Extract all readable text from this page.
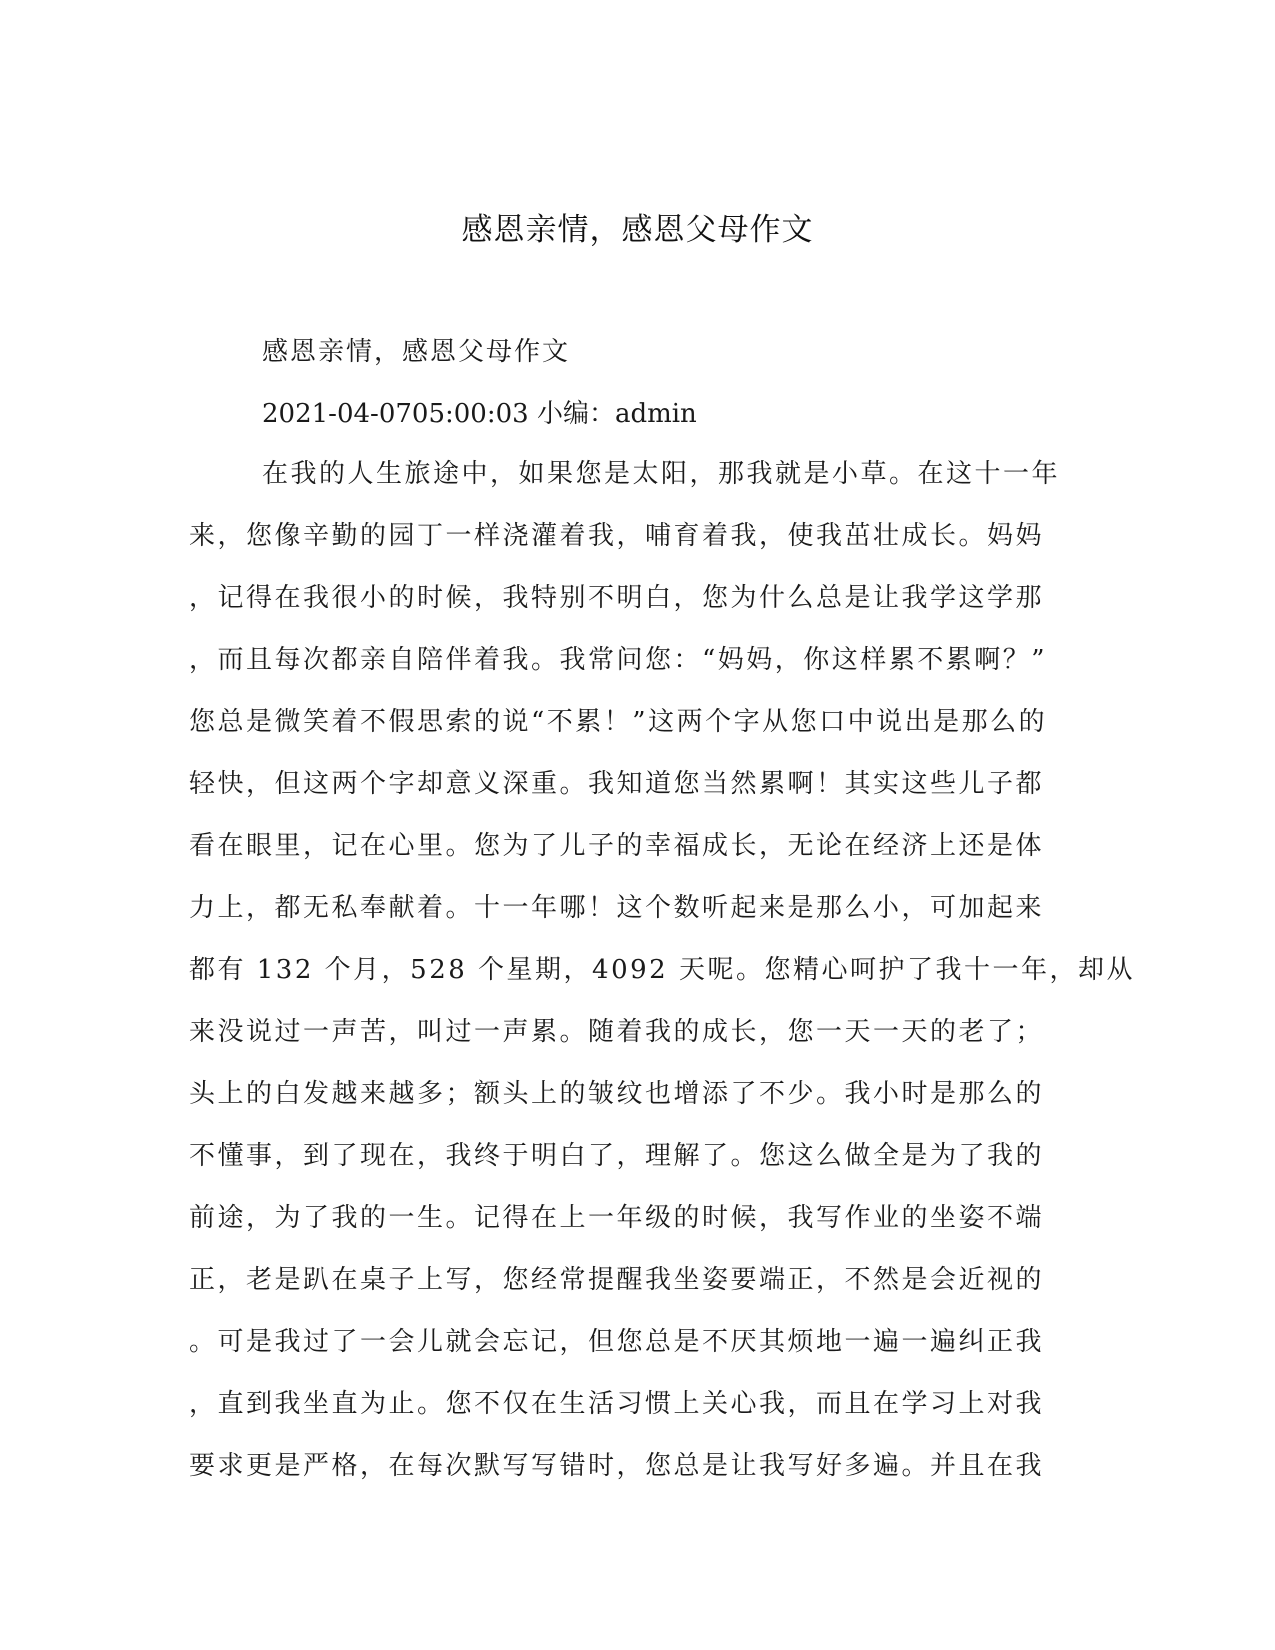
感恩亲情，感恩父母作文
感恩亲情，感恩父母作文
2021-04-0705:00:03 小编：admin
在我的人生旅途中，如果您是太阳，那我就是小草。在这十一年
来，您像辛勤的园丁一样浇灌着我，哺育着我，使我茁壮成长。妈妈
，记得在我很小的时候，我特别不明白，您为什么总是让我学这学那
，而且每次都亲自陪伴着我。我常问您：“妈妈，你这样累不累啊？”
您总是微笑着不假思索的说“不累！”这两个字从您口中说出是那么的
轻快，但这两个字却意义深重。我知道您当然累啊！其实这些儿子都
看在眼里，记在心里。您为了儿子的幸福成长，无论在经济上还是体
力上，都无私奉献着。十一年哪！这个数听起来是那么小，可加起来
都有 132 个月，528 个星期，4092 天呢。您精心呵护了我十一年，却从
来没说过一声苦，叫过一声累。随着我的成长，您一天一天的老了；
头上的白发越来越多；额头上的皱纹也增添了不少。我小时是那么的
不懂事，到了现在，我终于明白了，理解了。您这么做全是为了我的
前途，为了我的一生。记得在上一年级的时候，我写作业的坐姿不端
正，老是趴在桌子上写，您经常提醒我坐姿要端正，不然是会近视的
。可是我过了一会儿就会忘记，但您总是不厌其烦地一遍一遍纠正我
，直到我坐直为止。您不仅在生活习惯上关心我，而且在学习上对我
要求更是严格，在每次默写写错时，您总是让我写好多遍。并且在我
